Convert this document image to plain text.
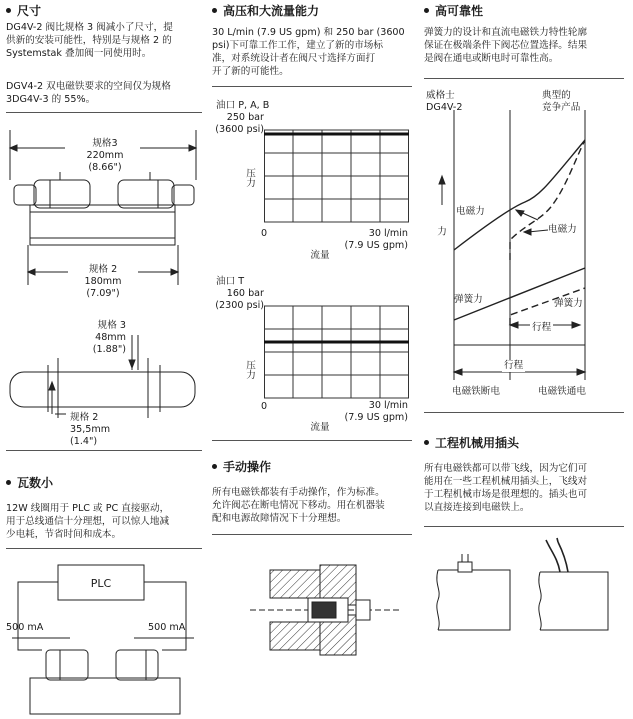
尺寸
DG4V-2 阀比规格 3 阀减小了尺寸，提
供新的安装可能性，特别是与规格 2 的
Systemstak 叠加阀一同使用时。
DGV4-2 双电磁铁要求的空间仅为规格
3DG4V-3 的 55%。
规格3
220mm
(8.66")
规格 2
180mm
(7.09")
规格 3
48mm
(1.88")
规格 2
35,5mm
(1.4")
瓦数小
12W 线圈用于 PLC 或 PC 直接驱动，
用于总线通信十分理想，可以惊人地减
少电耗，节省时间和成本。
PLC
500 mA	500 mA
高压和大流量能力
30 L/min (7.9 US gpm) 和 250 bar (3600
psi)下可靠工作工作，建立了新的市场标
准，对系统设计者在阀尺寸选择方面打
开了新的可能性。
油口 P, A, B
250 bar
(3600 psi)
压力
0	30 l/min
(7.9 US gpm)
流量
油口 T
160 bar
(2300 psi)
压力
0	30 l/min
(7.9 US gpm)
流量
手动操作
所有电磁铁都装有手动操作，作为标准。
允许阀芯在断电情况下移动。用在机器装
配和电源故障情况下十分理想。
高可靠性
弹簧力的设计和直流电磁铁力特性轮廓
保证在极端条件下阀芯位置选择。结果
是阀在通电或断电时可靠性高。
威格士
DG4V-2
典型的
竞争产品
力
电磁力
电磁力
弹簧力	弹簧力
行程
行程
电磁铁断电	电磁铁通电
工程机械用插头
所有电磁铁都可以带飞线，因为它们可
能用在一些工程机械用插头上，飞线对
于工程机械市场是很理想的。插头也可
以直接连接到电磁铁上。
